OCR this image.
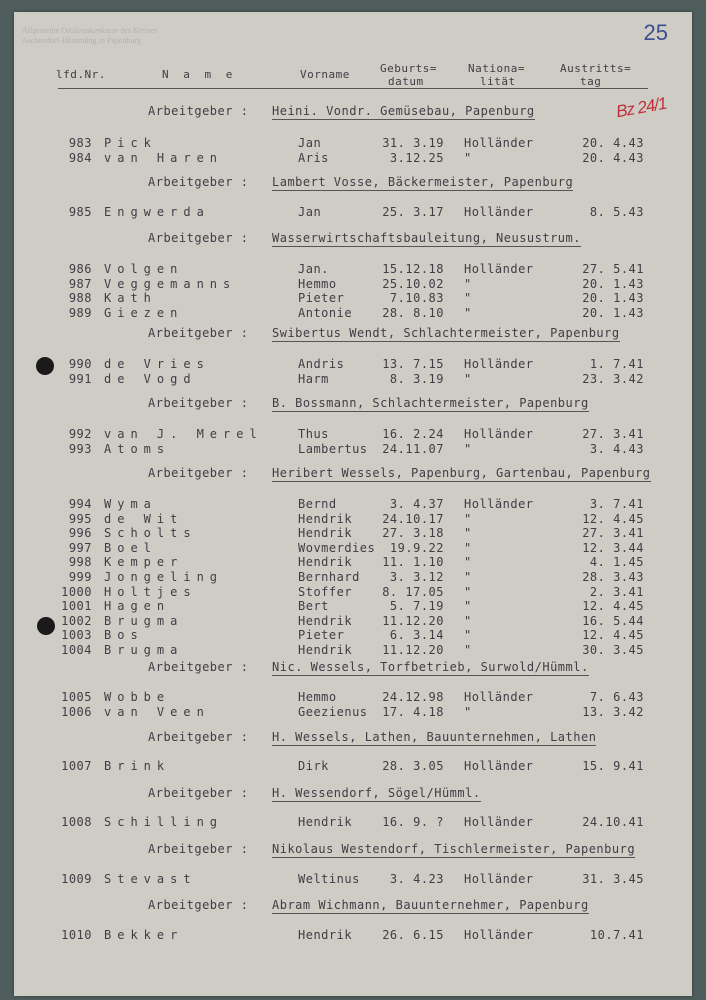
Allgemeine Ortskrankenkasse des Kreises
Aschendorf-Hümmling in Papenburg	25
Bz 24/1
lfd.Nr.	N a m e	Vorname	Geburts=
datum
Nationa=
lität
Austritts=
tag
Arbeitgeber : Heini. Vondr. Gemüsebau, Papenburg
983 Pick	Jan	31. 3.19 Holländer	20. 4.43
984 van Haren	Aris	3.12.25 "	20. 4.43
Arbeitgeber : Lambert Vosse, Bäckermeister, Papenburg
985 Engwerda	Jan	25. 3.17 Holländer	8. 5.43
Arbeitgeber : Wasserwirtschaftsbauleitung, Neusustrum.
986 Volgen	Jan.	15.12.18 Holländer	27. 5.41
987 Veggemanns	Hemmo	25.10.02 "	20. 1.43
988 Kath	Pieter	7.10.83 "	20. 1.43
989 Giezen	Antonie	28. 8.10 "	20. 1.43
Arbeitgeber : Swibertus Wendt, Schlachtermeister, Papenburg
990 de Vries	Andris	13. 7.15 Holländer	1. 7.41
991 de Vogd	Harm	8. 3.19 "	23. 3.42
Arbeitgeber : B. Bossmann, Schlachtermeister, Papenburg
992 van J. Merel	Thus	16. 2.24 Holländer	27. 3.41
993 Atoms	Lambertus	24.11.07 "	3. 4.43
Arbeitgeber : Heribert Wessels, Papenburg, Gartenbau, Papenburg
994 Wyma	Bernd	3. 4.37 Holländer	3. 7.41
995 de Wit	Hendrik	24.10.17 "	12. 4.45
996 Scholts	Hendrik	27. 3.18 "	27. 3.41
997 Boel	Wovmerdies	19.9.22 "	12. 3.44
998 Kemper	Hendrik	11. 1.10 "	4. 1.45
999 Jongeling	Bernhard	3. 3.12 "	28. 3.43
1000 Holtjes	Stoffer	8. 17.05 "	2. 3.41
1001 Hagen	Bert	5. 7.19 "	12. 4.45
1002 Brugma	Hendrik	11.12.20 "	16. 5.44
1003 Bos	Pieter	6. 3.14 "	12. 4.45
1004 Brugma	Hendrik	11.12.20 "	30. 3.45
Arbeitgeber : Nic. Wessels, Torfbetrieb, Surwold/Hümml.
1005 Wobbe	Hemmo	24.12.98 Holländer	7. 6.43
1006 van Veen	Geezienus	17. 4.18 "	13. 3.42
Arbeitgeber : H. Wessels, Lathen, Bauunternehmen, Lathen
1007 Brink	Dirk	28. 3.05 Holländer	15. 9.41
Arbeitgeber : H. Wessendorf, Sögel/Hümml.
1008 Schilling	Hendrik	16. 9. ? Holländer	24.10.41
Arbeitgeber : Nikolaus Westendorf, Tischlermeister, Papenburg
1009 Stevast	Weltinus	3. 4.23 Holländer	31. 3.45
Arbeitgeber : Abram Wichmann, Bauunternehmer, Papenburg
1010 Bekker	Hendrik	26. 6.15 Holländer	10.7.41
